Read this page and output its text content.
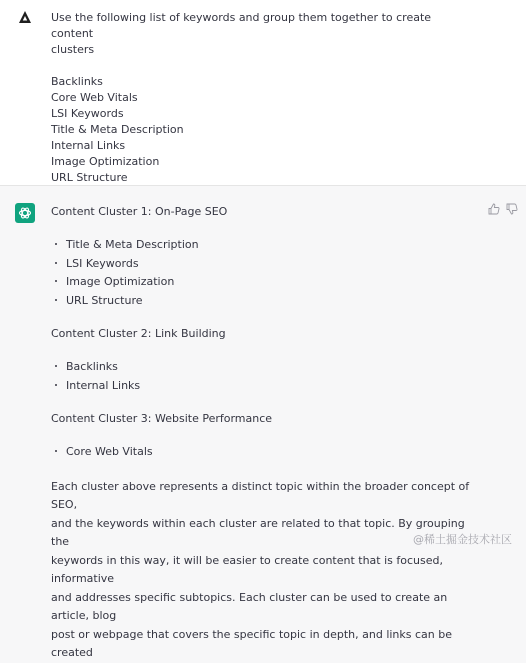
Use the following list of keywords and group them together to create content

clusters

Backlinks

Core Web Vitals

LSI Keywords

Title & Meta Description

Internal Links

Image Optimization

URL Structure

Content Cluster 1: On-Page SEO

Title & Meta Description
LSI Keywords
Image Optimization
URL Structure

Content Cluster 2: Link Building

Backlinks
Internal Links

Content Cluster 3: Website Performance

Core Web Vitals

Each cluster above represents a distinct topic within the broader concept of SEO,

and the keywords within each cluster are related to that topic. By grouping the

keywords in this way, it will be easier to create content that is focused, informative

and addresses specific subtopics. Each cluster can be used to create an article, blog

post or webpage that covers the specific topic in depth, and links can be created

@稀土掘金技术社区
